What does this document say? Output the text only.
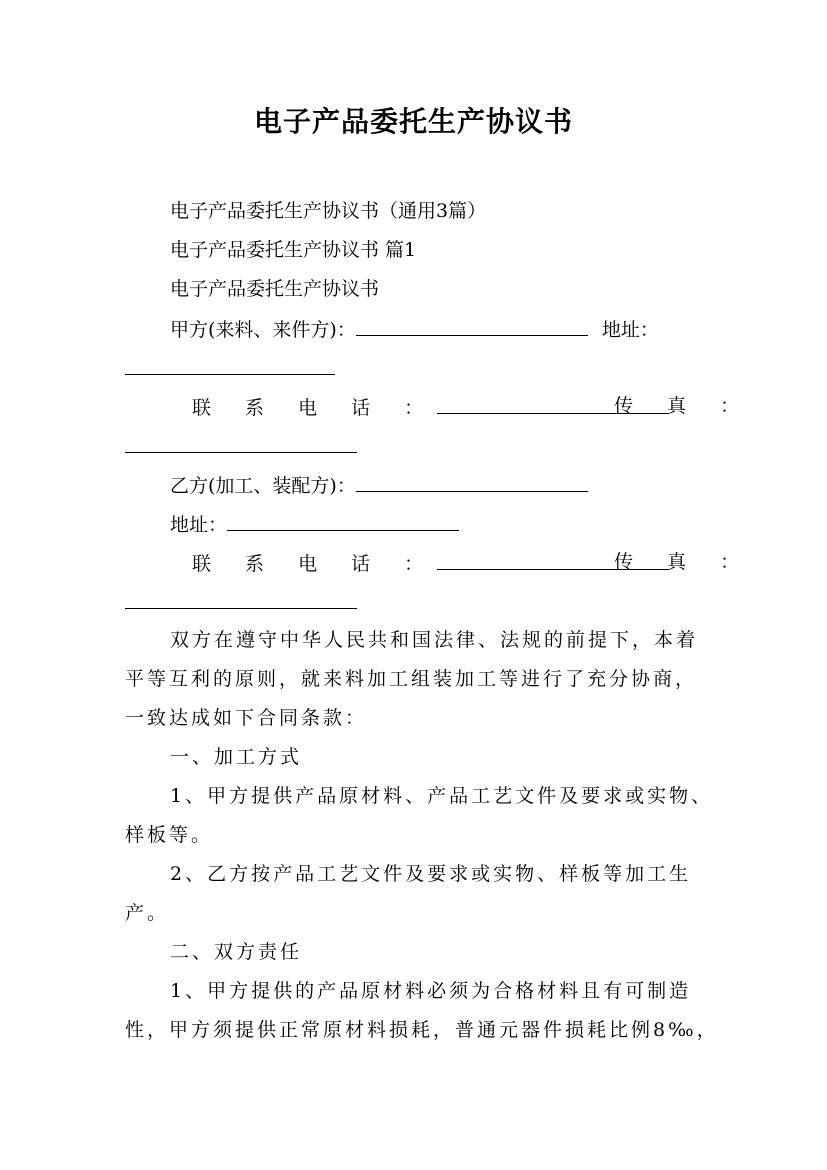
电子产品委托生产协议书
电子产品委托生产协议书（通用3篇）
电子产品委托生产协议书 篇1
电子产品委托生产协议书
甲方(来料、来件方)：	地址：
联 系 电 话 ：	传 真 ：
乙方(加工、装配方)：
地址：
联 系 电 话 ：	传 真 ：
双方在遵守中华人民共和国法律、法规的前提下，本着
平等互利的原则，就来料加工组装加工等进行了充分协商，
一致达成如下合同条款：
一、加工方式
1、甲方提供产品原材料、产品工艺文件及要求或实物、
样板等。
2、乙方按产品工艺文件及要求或实物、样板等加工生
产。
二、双方责任
1、甲方提供的产品原材料必须为合格材料且有可制造
性，甲方须提供正常原材料损耗，普通元器件损耗比例8‰，
